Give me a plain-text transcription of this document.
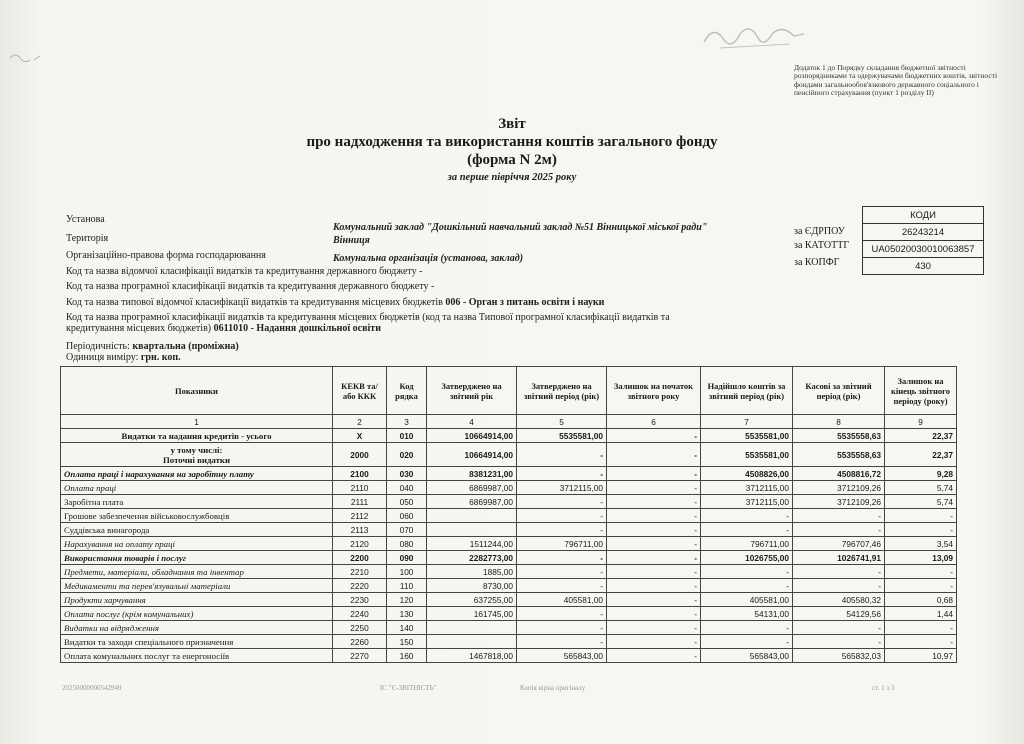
Додаток 1 до Порядку складання бюджетної звітності розпорядниками та одержувачами бюджетних коштів, звітності фондами загальнообов'язкового державного соціального і пенсійного страхування (пункт 1 розділу II)
Звіт
про надходження та використання коштів загального фонду
(форма N 2м)
за перше півріччя 2025 року
Установа
Комунальний заклад "Дошкільний навчальний заклад №51 Вінницької міської ради"
Територія	Вінниця
Організаційно-правова форма господарювання	Комунальна організація (установа, заклад)
Код та назва відомчої класифікації видатків та кредитування державного бюджету -
Код та назва програмної класифікації видатків та кредитування державного бюджету -
Код та назва типової відомчої класифікації видатків та кредитування місцевих бюджетів 006 - Орган з питань освіти і науки
Код та назва програмної класифікації видатків та кредитування місцевих бюджетів (код та назва Типової програмної класифікації видатків та
кредитування місцевих бюджетів) 0611010 - Надання дошкільної освіти
Періодичність: квартальна (проміжна)
Одиниця виміру: грн. коп.
КОДИ
26243214
UA05020030010063857
430
за ЄДРПОУ
за КАТОТТГ
за КОПФГ
Показники	КЕКВ та/або ККК	Код рядка	Затверджено на звітний рік	Затверджено на звітний період (рік)	Залишок на початок звітного року	Надійшло коштів за звітний період (рік)	Касові за звітний період (рік)	Залишок на кінець звітного періоду (року)
1	2	3	4	5	6	7	8	9
Видатки та надання кредитів - усього	X	010	10664914,00	5535581,00	-	5535581,00	5535558,63	22,37
у тому числі:
Поточні видатки	2000	020	10664914,00	-	-	5535581,00	5535558,63	22,37
Оплата праці і нарахування на заробітну плату	2100	030	8381231,00	-	-	4508826,00	4508816,72	9,28
Оплата праці	2110	040	6869987,00	3712115,00	-	3712115,00	3712109,26	5,74
Заробітна плата	2111	050	6869987,00	-	-	3712115,00	3712109,26	5,74
Грошове забезпечення військовослужбовців	2112	060		-	-	-	-	-
Суддівська винагорода	2113	070		-	-	-	-	-
Нарахування на оплату праці	2120	080	1511244,00	796711,00	-	796711,00	796707,46	3,54
Використання товарів і послуг	2200	090	2282773,00	-	-	1026755,00	1026741,91	13,09
Предмети, матеріали, обладнання та інвентар	2210	100	1885,00	-	-	-	-	-
Медикаменти та перев'язувальні матеріали	2220	110	8730,00	-	-	-	-	-
Продукти харчування	2230	120	637255,00	405581,00	-	405581,00	405580,32	0,68
Оплата послуг (крім комунальних)	2240	130	161745,00	-	-	54131,00	54129,56	1,44
Видатки на відрядження	2250	140		-	-	-	-	-
Видатки та заходи спеціального призначення	2260	150		-	-	-	-	-
Оплата комунальних послуг та енергоносіїв	2270	160	1467818,00	565843,00	-	565843,00	565832,03	10,97
20250000000542949	ІС "Є-ЗВІТНІСТЬ"	Копія вірна оригіналу	ст. 1 з 3
